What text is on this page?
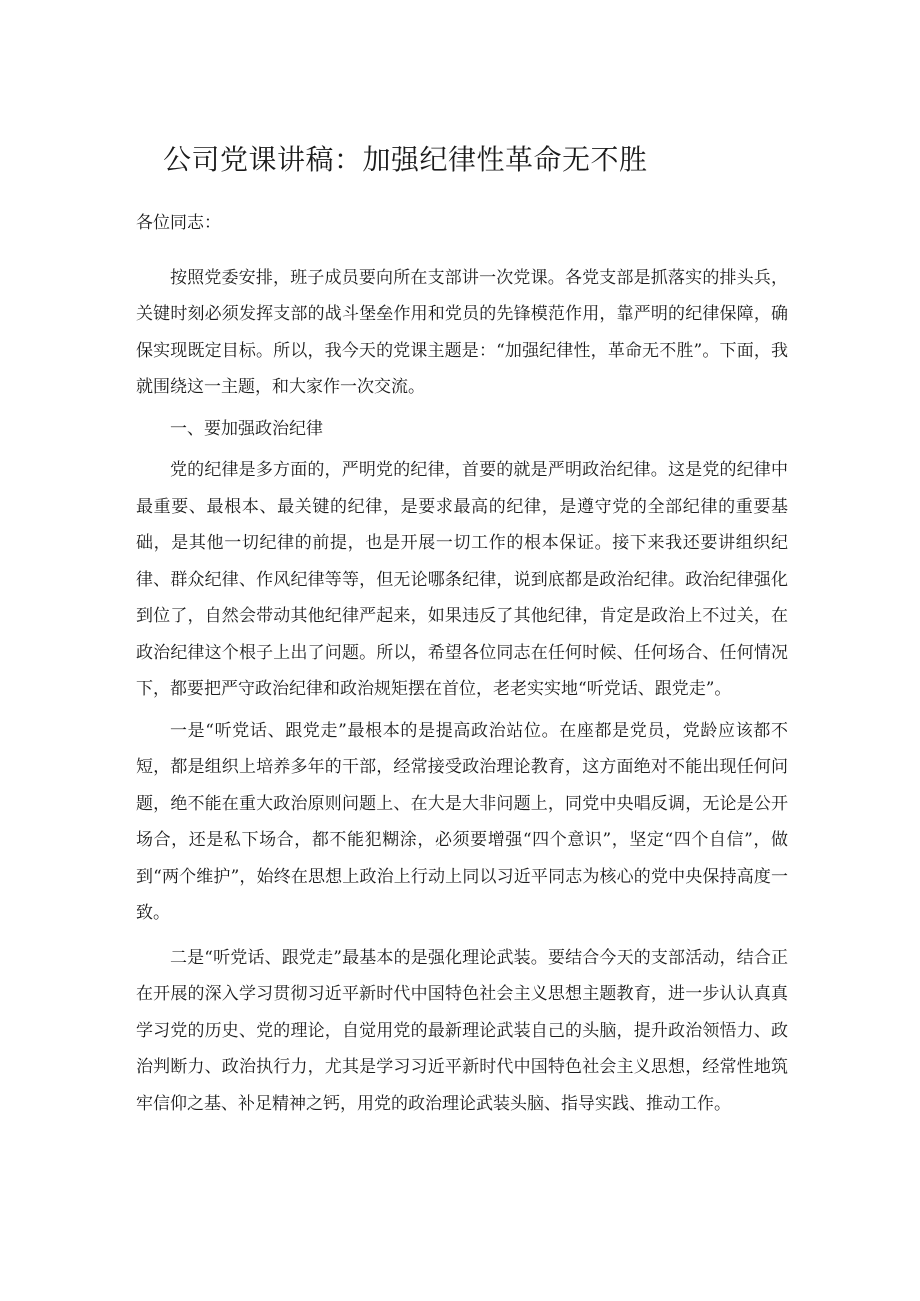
公司党课讲稿：加强纪律性革命无不胜

各位同志：

按照党委安排，班子成员要向所在支部讲一次党课。各党支部是抓落实的排头兵，关键时刻必须发挥支部的战斗堡垒作用和党员的先锋模范作用，靠严明的纪律保障，确保实现既定目标。所以，我今天的党课主题是：“加强纪律性，革命无不胜”。下面，我就围绕这一主题，和大家作一次交流。

一、要加强政治纪律

党的纪律是多方面的，严明党的纪律，首要的就是严明政治纪律。这是党的纪律中最重要、最根本、最关键的纪律，是要求最高的纪律，是遵守党的全部纪律的重要基础，是其他一切纪律的前提，也是开展一切工作的根本保证。接下来我还要讲组织纪律、群众纪律、作风纪律等等，但无论哪条纪律，说到底都是政治纪律。政治纪律强化到位了，自然会带动其他纪律严起来，如果违反了其他纪律，肯定是政治上不过关，在政治纪律这个根子上出了问题。所以，希望各位同志在任何时候、任何场合、任何情况下，都要把严守政治纪律和政治规矩摆在首位，老老实实地“听党话、跟党走”。

一是“听党话、跟党走”最根本的是提高政治站位。在座都是党员，党龄应该都不短，都是组织上培养多年的干部，经常接受政治理论教育，这方面绝对不能出现任何问题，绝不能在重大政治原则问题上、在大是大非问题上，同党中央唱反调，无论是公开场合，还是私下场合，都不能犯糊涂，必须要增强“四个意识”，坚定“四个自信”，做到“两个维护”，始终在思想上政治上行动上同以习近平同志为核心的党中央保持高度一致。

二是“听党话、跟党走”最基本的是强化理论武装。要结合今天的支部活动，结合正在开展的深入学习贯彻习近平新时代中国特色社会主义思想主题教育，进一步认认真真学习党的历史、党的理论，自觉用党的最新理论武装自己的头脑，提升政治领悟力、政治判断力、政治执行力，尤其是学习习近平新时代中国特色社会主义思想，经常性地筑牢信仰之基、补足精神之钙，用党的政治理论武装头脑、指导实践、推动工作。
